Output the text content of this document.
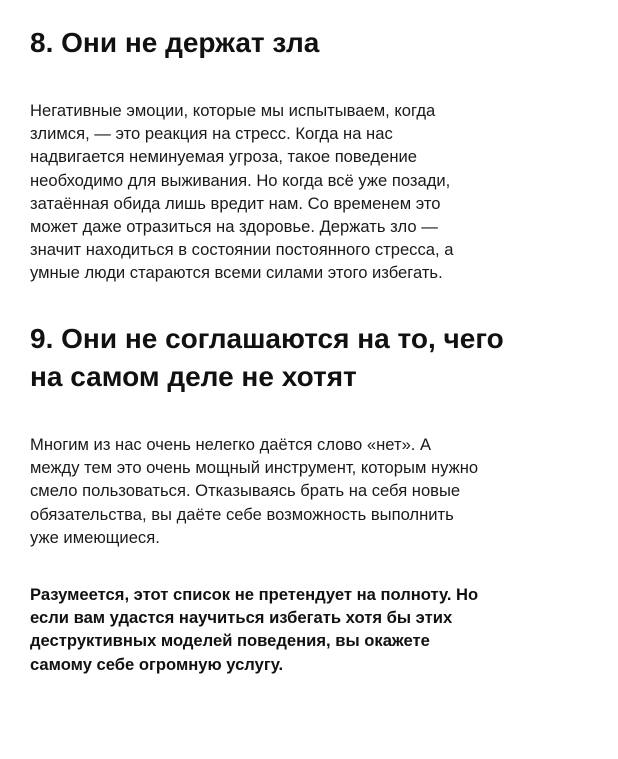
8. Они не держат зла

Негативные эмоции, которые мы испытываем, когда
злимся, — это реакция на стресс. Когда на нас
надвигается неминуемая угроза, такое поведение
необходимо для выживания. Но когда всё уже позади,
затаённая обида лишь вредит нам. Со временем это
может даже отразиться на здоровье. Держать зло —
значит находиться в состоянии постоянного стресса, а
умные люди стараются всеми силами этого избегать.

9. Они не соглашаются на то, чего
на самом деле не хотят

Многим из нас очень нелегко даётся слово «нет». А
между тем это очень мощный инструмент, которым нужно
смело пользоваться. Отказываясь брать на себя новые
обязательства, вы даёте себе возможность выполнить
уже имеющиеся.

Разумеется, этот список не претендует на полноту. Но
если вам удастся научиться избегать хотя бы этих
деструктивных моделей поведения, вы окажете
самому себе огромную услугу.
